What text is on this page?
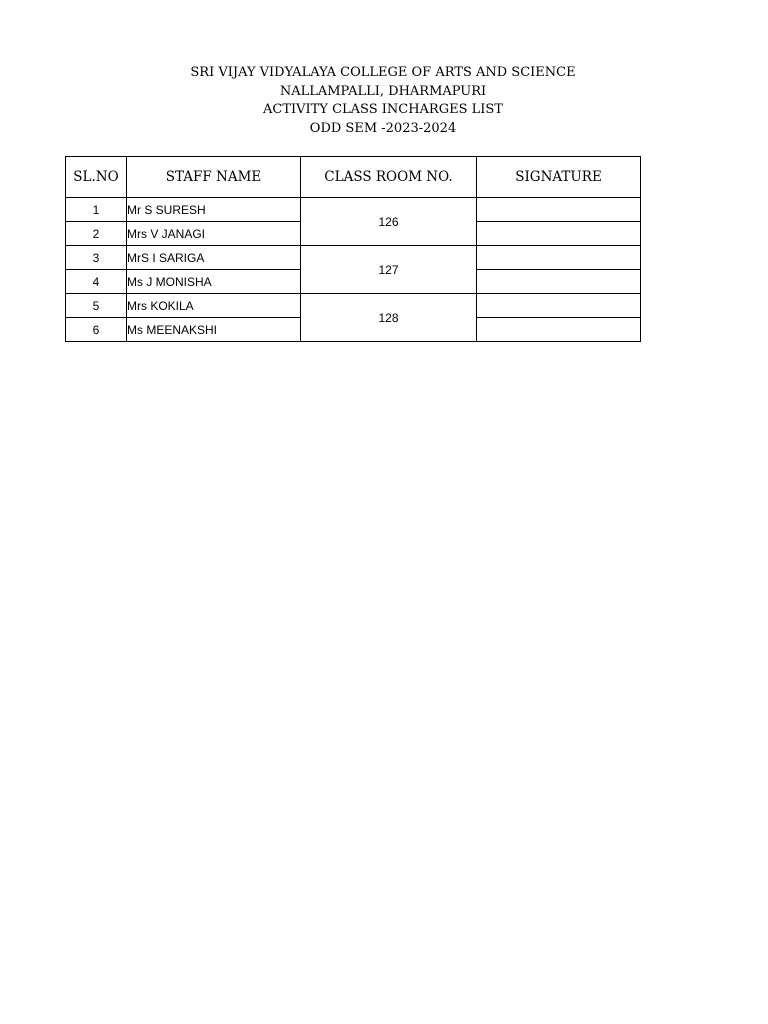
SRI VIJAY VIDYALAYA COLLEGE OF ARTS AND SCIENCE
NALLAMPALLI, DHARMAPURI
ACTIVITY CLASS INCHARGES LIST
ODD SEM -2023-2024
SL.NO	STAFF NAME	CLASS ROOM NO.	SIGNATURE
1	Mr S SURESH	126	
2	Mrs V JANAGI		
3	MrS I SARIGA	127	
4	Ms J MONISHA		
5	Mrs KOKILA	128	
6	Ms MEENAKSHI		
